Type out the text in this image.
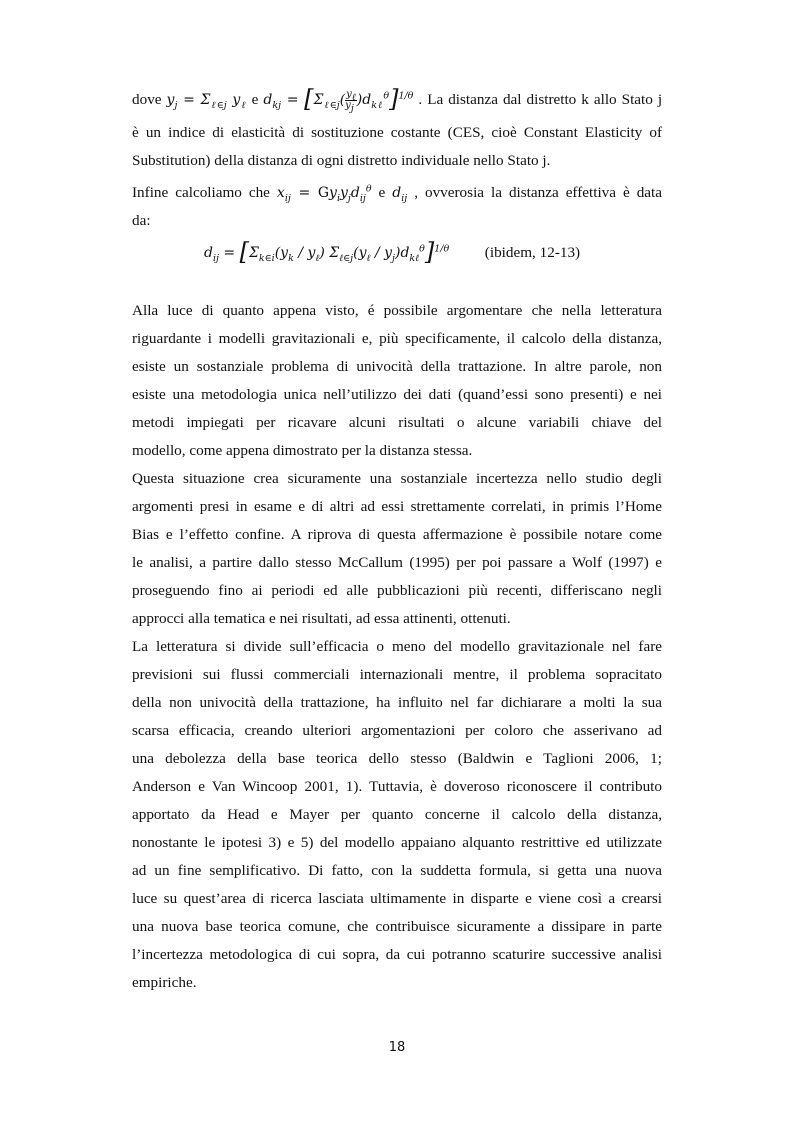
dove $y_j = \Sigma_{\ell\in j}$ $y_\ell$ e $d_{kj} = [\Sigma_{\ell\in j}( \frac{y_\ell}{y_j} )d_{k\ell}^\theta]^{1/\theta}$ . La distanza dal distretto k allo Stato j
è un indice di elasticità di sostituzione costante (CES, cioè Constant Elasticity of
Substitution) della distanza di ogni distretto individuale nello Stato j.
Infine calcoliamo che $x_{ij} = Gy_iy_jd_{ij}^\theta$ e $d_{ij}$ , ovverosia la distanza effettiva è data
da:
$d_{ij} = [\Sigma_{k\in i}(y_k / y_\ell)$ $\Sigma_{\ell\in j}(y_\ell / y_j)d_{k\ell}^\theta]^{1/\theta}$ (ibidem, 12-13)
Alla luce di quanto appena visto, é possibile argomentare che nella letteratura
riguardante i modelli gravitazionali e, più specificamente, il calcolo della distanza,
esiste un sostanziale problema di univocità della trattazione. In altre parole, non
esiste una metodologia unica nell’utilizzo dei dati (quand’essi sono presenti) e nei
metodi impiegati per ricavare alcuni risultati o alcune variabili chiave del
modello, come appena dimostrato per la distanza stessa.
Questa situazione crea sicuramente una sostanziale incertezza nello studio degli
argomenti presi in esame e di altri ad essi strettamente correlati, in primis l’Home
Bias e l’effetto confine. A riprova di questa affermazione è possibile notare come
le analisi, a partire dallo stesso McCallum (1995) per poi passare a Wolf (1997) e
proseguendo fino ai periodi ed alle pubblicazioni più recenti, differiscano negli
approcci alla tematica e nei risultati, ad essa attinenti, ottenuti.
La letteratura si divide sull’efficacia o meno del modello gravitazionale nel fare
previsioni sui flussi commerciali internazionali mentre, il problema sopracitato
della non univocità della trattazione, ha influito nel far dichiarare a molti la sua
scarsa efficacia, creando ulteriori argomentazioni per coloro che asserivano ad
una debolezza della base teorica dello stesso (Baldwin e Taglioni 2006, 1;
Anderson e Van Wincoop 2001, 1). Tuttavia, è doveroso riconoscere il contributo
apportato da Head e Mayer per quanto concerne il calcolo della distanza,
nonostante le ipotesi 3) e 5) del modello appaiano alquanto restrittive ed utilizzate
ad un fine semplificativo. Di fatto, con la suddetta formula, si getta una nuova
luce su quest’area di ricerca lasciata ultimamente in disparte e viene così a crearsi
una nuova base teorica comune, che contribuisce sicuramente a dissipare in parte
l’incertezza metodologica di cui sopra, da cui potranno scaturire successive analisi
empiriche.
18
